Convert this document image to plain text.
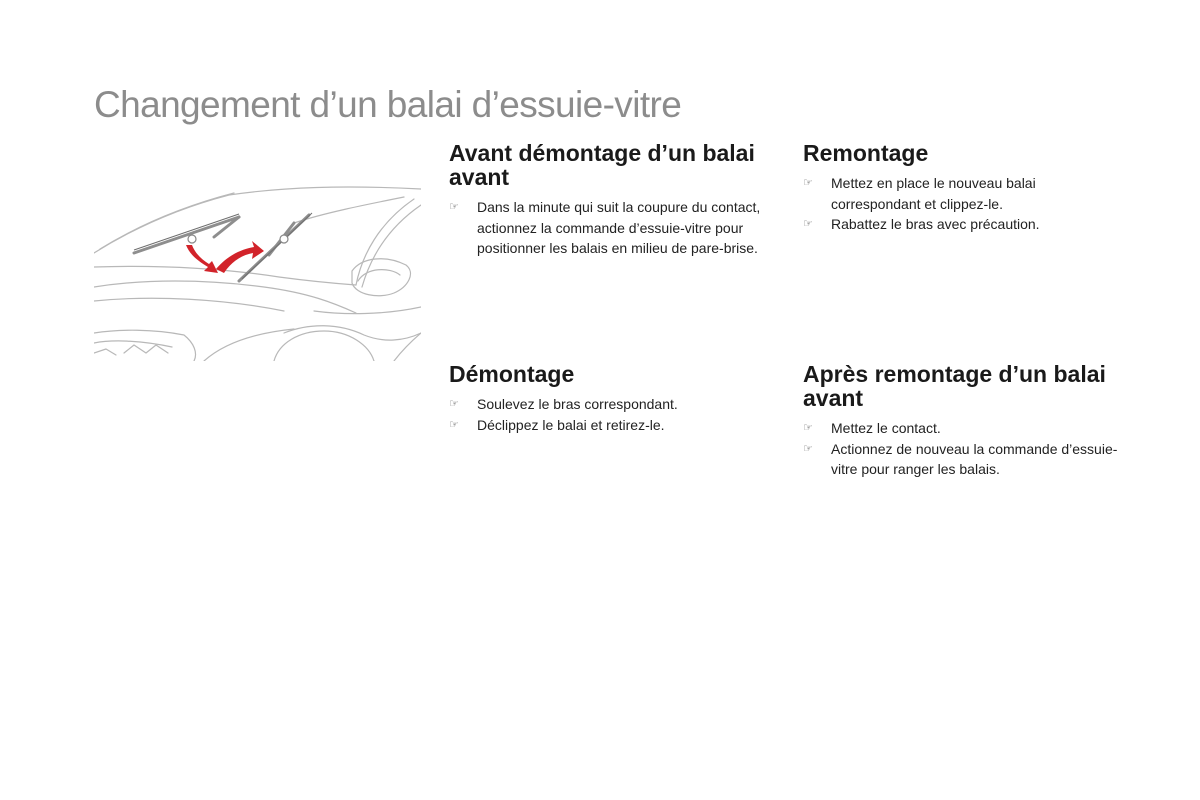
Changement d’un balai d’essuie-vitre
Avant démontage d’un balai avant
☞ Dans la minute qui suit la coupure du contact, actionnez la commande d’essuie-vitre pour positionner les balais en milieu de pare-brise.
Remontage
☞ Mettez en place le nouveau balai correspondant et clippez-le.
☞ Rabattez le bras avec précaution.
Démontage
☞ Soulevez le bras correspondant.
☞ Déclippez le balai et retirez-le.
Après remontage d’un balai avant
☞ Mettez le contact.
☞ Actionnez de nouveau la commande d’essuie-vitre pour ranger les balais.
